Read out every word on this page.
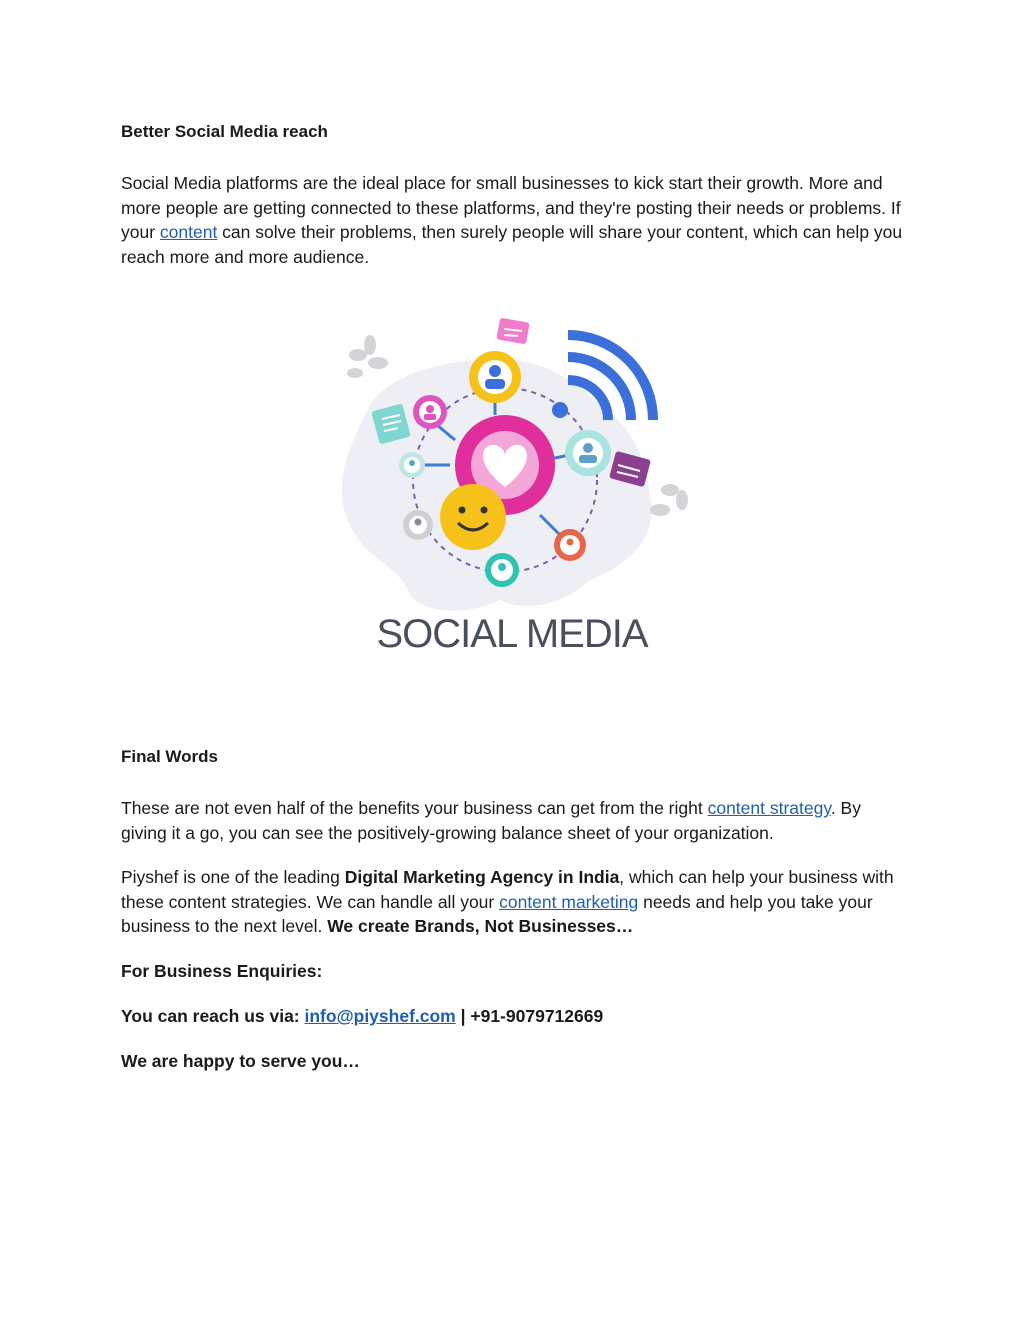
Better Social Media reach

Social Media platforms are the ideal place for small businesses to kick start their growth. More and more people are getting connected to these platforms, and they're posting their needs or problems. If your content can solve their problems, then surely people will share your content, which can help you reach more and more audience.

Final Words

These are not even half of the benefits your business can get from the right content strategy. By giving it a go, you can see the positively-growing balance sheet of your organization.

Piyshef is one of the leading Digital Marketing Agency in India, which can help your business with these content strategies. We can handle all your content marketing needs and help you take your business to the next level. We create Brands, Not Businesses…

For Business Enquiries:

You can reach us via: info@piyshef.com | +91-9079712669

We are happy to serve you…

SOCIAL MEDIA
